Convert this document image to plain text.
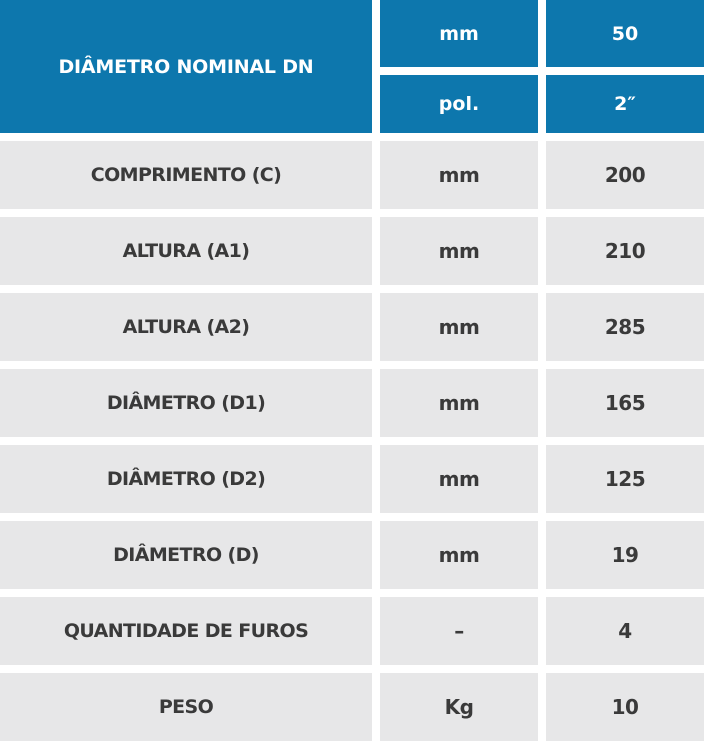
DIÂMETRO NOMINAL DN
mm	50
pol.	2″
COMPRIMENTO (C)	mm	200
ALTURA (A1)	mm	210
ALTURA (A2)	mm	285
DIÂMETRO (D1)	mm	165
DIÂMETRO (D2)	mm	125
DIÂMETRO (D)	mm	19
QUANTIDADE DE FUROS	–	4
PESO	Kg	10
